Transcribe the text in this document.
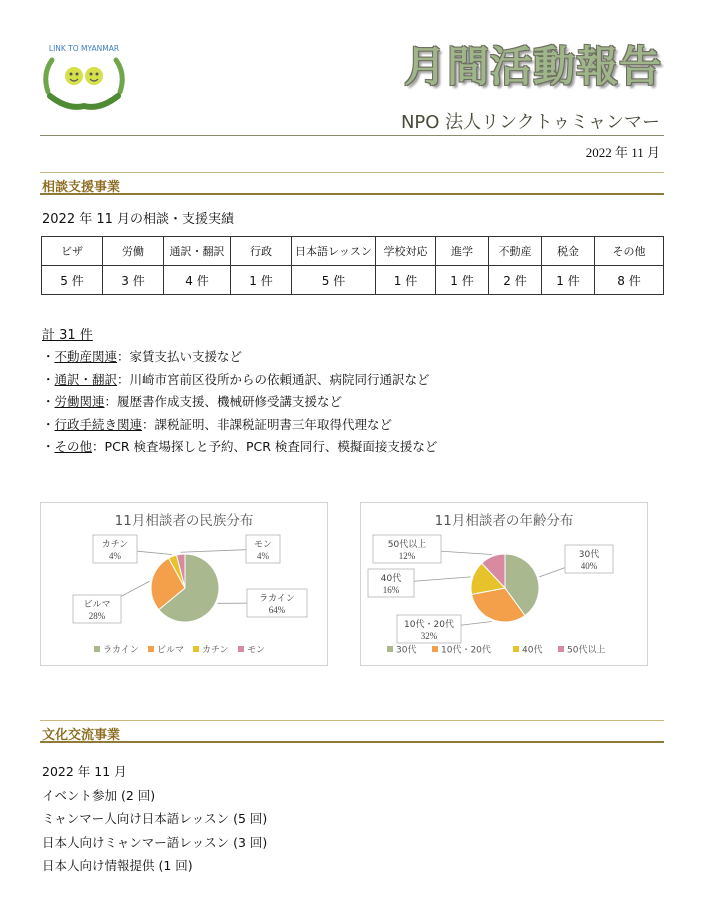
LINK TO MYANMAR	月間活動報告
NPO 法人リンクトゥミャンマー
2022 年 11 月
相談支援事業
2022 年 11 月の相談・支援実績
ビザ	労働	通訳・翻訳	行政	日本語レッスン	学校対応	進学	不動産	税金	その他
5 件	3 件	4 件	1 件	5 件	1 件	1 件	2 件	1 件	8 件
計 31 件
・不動産関連：家賃支払い支援など
・通訳・翻訳：川崎市宮前区役所からの依頼通訳、病院同行通訳など
・労働関連：履歴書作成支援、機械研修受講支援など
・行政手続き関連：課税証明、非課税証明書三年取得代理など
・その他：PCR 検査場探しと予約、PCR 検査同行、模擬面接支援など
11月相談者の民族分布
ラカイン
64%
ビルマ
28%
カチン
4%
モン
4%
ラカイン ビルマ カチン モン
11月相談者の年齢分布
30代
40%
10代・20代
32%
40代
16%
50代以上
12%
30代	10代・20代	40代	50代以上
文化交流事業
2022 年 11 月
イベント参加 (2 回)
ミャンマー人向け日本語レッスン (5 回)
日本人向けミャンマー語レッスン (3 回)
日本人向け情報提供 (1 回)
